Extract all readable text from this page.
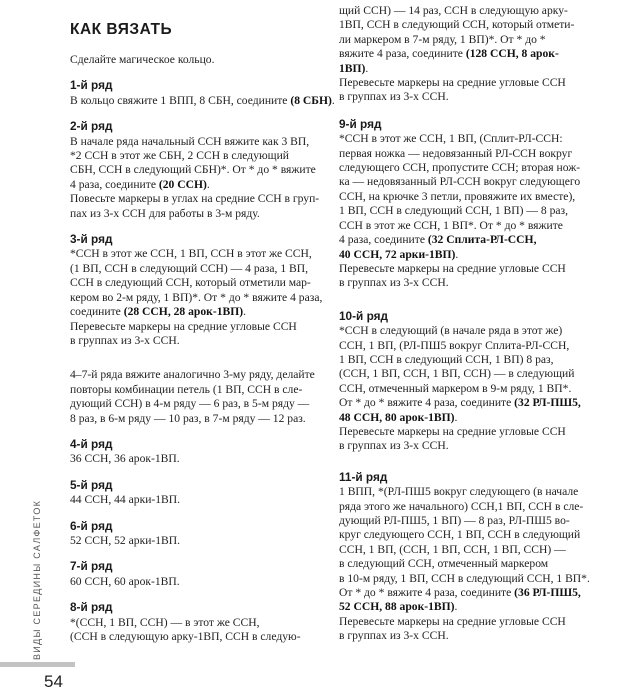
КАК ВЯЗАТЬ
Сделайте магическое кольцо.
1-й ряд
В кольцо свяжите 1 ВПП, 8 СБН, соедините (8 СБН).
2-й ряд
В начале ряда начальный ССН вяжите как 3 ВП,
*2 ССН в этот же СБН, 2 ССН в следующий
СБН, ССН в следующий СБН)*. От * до * вяжите
4 раза, соедините (20 ССН).
Повесьте маркеры в углах на средние ССН в груп-
пах из 3-х ССН для работы в 3-м ряду.
3-й ряд
*ССН в этот же ССН, 1 ВП, ССН в этот же ССН,
(1 ВП, ССН в следующий ССН) — 4 раза, 1 ВП,
ССН в следующий ССН, который отметили мар-
кером во 2-м ряду, 1 ВП)*. От * до * вяжите 4 раза,
соедините (28 ССН, 28 арок-1ВП).
Перевесьте маркеры на средние угловые ССН
в группах из 3-х ССН.
4–7-й ряда вяжите аналогично 3-му ряду, делайте
повторы комбинации петель (1 ВП, ССН в сле-
дующий ССН) в 4-м ряду — 6 раз, в 5-м ряду —
8 раз, в 6-м ряду — 10 раз, в 7-м ряду — 12 раз.
4-й ряд
36 ССН, 36 арок-1ВП.
5-й ряд
44 ССН, 44 арки-1ВП.
6-й ряд
52 ССН, 52 арки-1ВП.
7-й ряд
60 ССН, 60 арок-1ВП.
8-й ряд
*(ССН, 1 ВП, ССН) — в этот же ССН,
(ССН в следующую арку-1ВП, ССН в следую-
щий ССН) — 14 раз, ССН в следующую арку-
1ВП, ССН в следующий ССН, который отмети-
ли маркером в 7-м ряду, 1 ВП)*. От * до *
вяжите 4 раза, соедините (128 ССН, 8 арок-
1ВП).
Перевесьте маркеры на средние угловые ССН
в группах из 3-х ССН.
9-й ряд
*ССН в этот же ССН, 1 ВП, (Сплит-РЛ-ССН:
первая ножка — недовязанный РЛ-ССН вокруг
следующего ССН, пропустите ССН; вторая нож-
ка — недовязанный РЛ-ССН вокруг следующего
ССН, на крючке 3 петли, провяжите их вместе),
1 ВП, ССН в следующий ССН, 1 ВП) — 8 раз,
ССН в этот же ССН, 1 ВП*. От * до * вяжите
4 раза, соедините (32 Сплита-РЛ-ССН,
40 ССН, 72 арки-1ВП).
Перевесьте маркеры на средние угловые ССН
в группах из 3-х ССН.
10-й ряд
*ССН в следующий (в начале ряда в этот же)
ССН, 1 ВП, (РЛ-ПШ5 вокруг Сплита-РЛ-ССН,
1 ВП, ССН в следующий ССН, 1 ВП) 8 раз,
(ССН, 1 ВП, ССН, 1 ВП, ССН) — в следующий
ССН, отмеченный маркером в 9-м ряду, 1 ВП*.
От * до * вяжите 4 раза, соедините (32 РЛ-ПШ5,
48 ССН, 80 арок-1ВП).
Перевесьте маркеры на средние угловые ССН
в группах из 3-х ССН.
11-й ряд
1 ВПП, *(РЛ-ПШ5 вокруг следующего (в начале
ряда этого же начального) ССН,1 ВП, ССН в сле-
дующий РЛ-ПШ5, 1 ВП) — 8 раз, РЛ-ПШ5 во-
круг следующего ССН, 1 ВП, ССН в следующий
ССН, 1 ВП, (ССН, 1 ВП, ССН, 1 ВП, ССН) —
в следующий ССН, отмеченный маркером
в 10-м ряду, 1 ВП, ССН в следующий ССН, 1 ВП*.
От * до * вяжите 4 раза, соедините (36 РЛ-ПШ5,
52 ССН, 88 арок-1ВП).
Перевесьте маркеры на средние угловые ССН
в группах из 3-х ССН.
ВИДЫ СЕРЕДИНЫ САЛФЕТОК
54
